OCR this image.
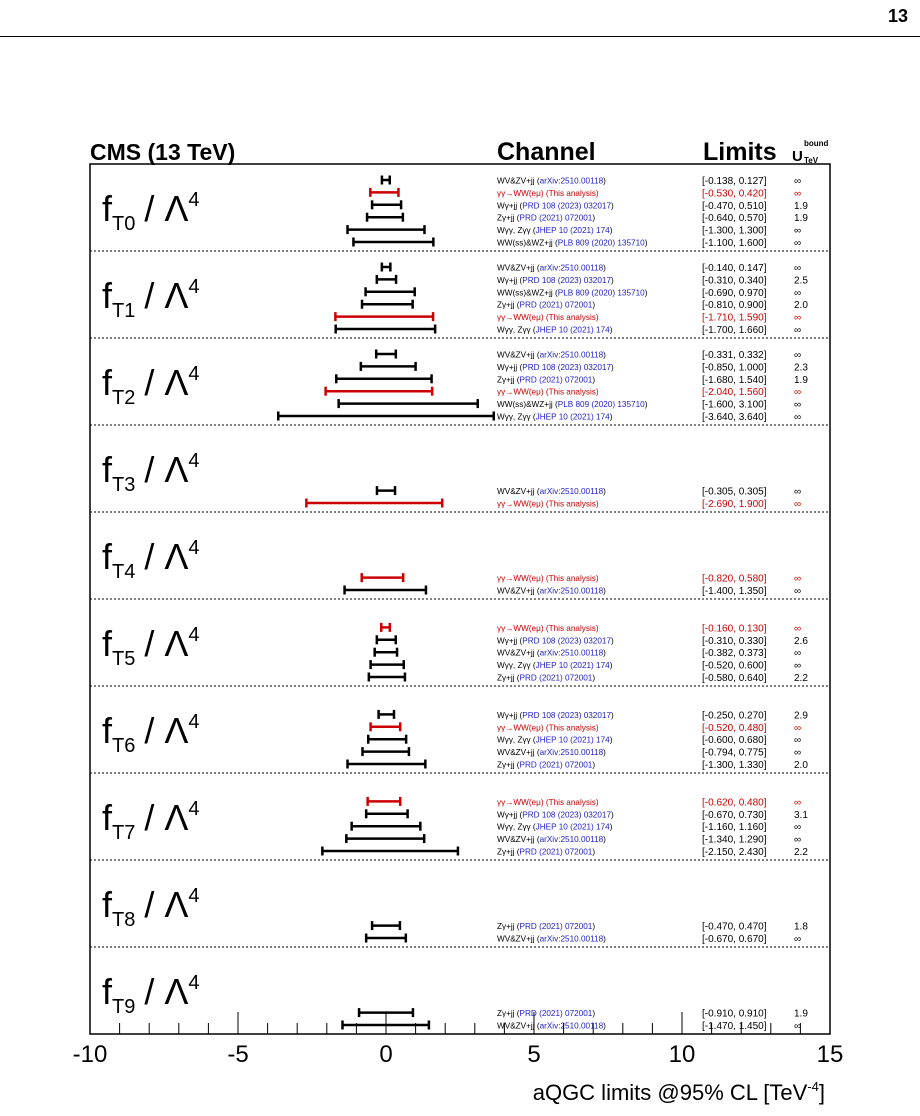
13
CMS (13 TeV)	Channel	Limits U
bound
TeV
$f_{T0} / \Lambda^4$
WV&ZV+jj (arXiv:2510.00118)	[-0.138, 0.127]	∞
γγ→WW(eμ) (This analysis)	[-0.530, 0.420]	∞
Wγ+jj (PRD 108 (2023) 032017)	[-0.470, 0.510]	1.9
Zγ+jj (PRD (2021) 072001)	[-0.640, 0.570]	1.9
Wγγ, Zγγ (JHEP 10 (2021) 174)	[-1.300, 1.300]	∞
WW(ss)&WZ+jj (PLB 809 (2020) 135710)	[-1.100, 1.600]	∞
$f_{T1} / \Lambda^4$
WV&ZV+jj (arXiv:2510.00118)	[-0.140, 0.147]	∞
Wγ+jj (PRD 108 (2023) 032017)	[-0.310, 0.340]	2.5
WW(ss)&WZ+jj (PLB 809 (2020) 135710)	[-0.690, 0.970]	∞
Zγ+jj (PRD (2021) 072001)	[-0.810, 0.900]	2.0
γγ→WW(eμ) (This analysis)	[-1.710, 1.590]	∞
Wγγ, Zγγ (JHEP 10 (2021) 174)	[-1.700, 1.660]	∞
$f_{T2} / \Lambda^4$
WV&ZV+jj (arXiv:2510.00118)	[-0.331, 0.332]	∞
Wγ+jj (PRD 108 (2023) 032017)	[-0.850, 1.000]	2.3
Zγ+jj (PRD (2021) 072001)	[-1.680, 1.540]	1.9
γγ→WW(eμ) (This analysis)	[-2.040, 1.560]	∞
WW(ss)&WZ+jj (PLB 809 (2020) 135710)	[-1.600, 3.100]	∞
Wγγ, Zγγ (JHEP 10 (2021) 174)	[-3.640, 3.640]	∞
$f_{T3} / \Lambda^4$
WV&ZV+jj (arXiv:2510.00118)	[-0.305, 0.305]	∞
γγ→WW(eμ) (This analysis)	[-2.690, 1.900]	∞
$f_{T4} / \Lambda^4$
γγ→WW(eμ) (This analysis)	[-0.820, 0.580]	∞
WV&ZV+jj (arXiv:2510.00118)	[-1.400, 1.350]	∞
$f_{T5} / \Lambda^4$	γγ→WW(eμ) (This analysis)	[-0.160, 0.130]	∞
Wγ+jj (PRD 108 (2023) 032017)	[-0.310, 0.330]	2.6
WV&ZV+jj (arXiv:2510.00118)	[-0.382, 0.373]	∞
Wγγ, Zγγ (JHEP 10 (2021) 174)	[-0.520, 0.600]	∞
Zγ+jj (PRD (2021) 072001)	[-0.580, 0.640]	2.2
$f_{T6} / \Lambda^4$	Wγ+jj (PRD 108 (2023) 032017)	[-0.250, 0.270]	2.9
γγ→WW(eμ) (This analysis)	[-0.520, 0.480]	∞
Wγγ, Zγγ (JHEP 10 (2021) 174)	[-0.600, 0.680]	∞
WV&ZV+jj (arXiv:2510.00118)	[-0.794, 0.775]	∞
Zγ+jj (PRD (2021) 072001)	[-1.300, 1.330]	2.0
$f_{T7} / \Lambda^4$	γγ→WW(eμ) (This analysis)	[-0.620, 0.480]	∞
Wγ+jj (PRD 108 (2023) 032017)	[-0.670, 0.730]	3.1
Wγγ, Zγγ (JHEP 10 (2021) 174)	[-1.160, 1.160]	∞
WV&ZV+jj (arXiv:2510.00118)	[-1.340, 1.290]	∞
Zγ+jj (PRD (2021) 072001)	[-2.150, 2.430]	2.2
$f_{T8} / \Lambda^4$
Zγ+jj (PRD (2021) 072001)	[-0.470, 0.470]	1.8
WV&ZV+jj (arXiv:2510.00118)	[-0.670, 0.670]	∞
$f_{T9} / \Lambda^4$
Zγ+jj (PRD (2021) 072001)	[-0.910, 0.910]	1.9
WV&ZV+jj (arXiv:2510.00118)	[-1.470, 1.450]	∞
-10	-5	0	5	10	15
aQGC limits @95% CL [TeV$^{-4}$]
